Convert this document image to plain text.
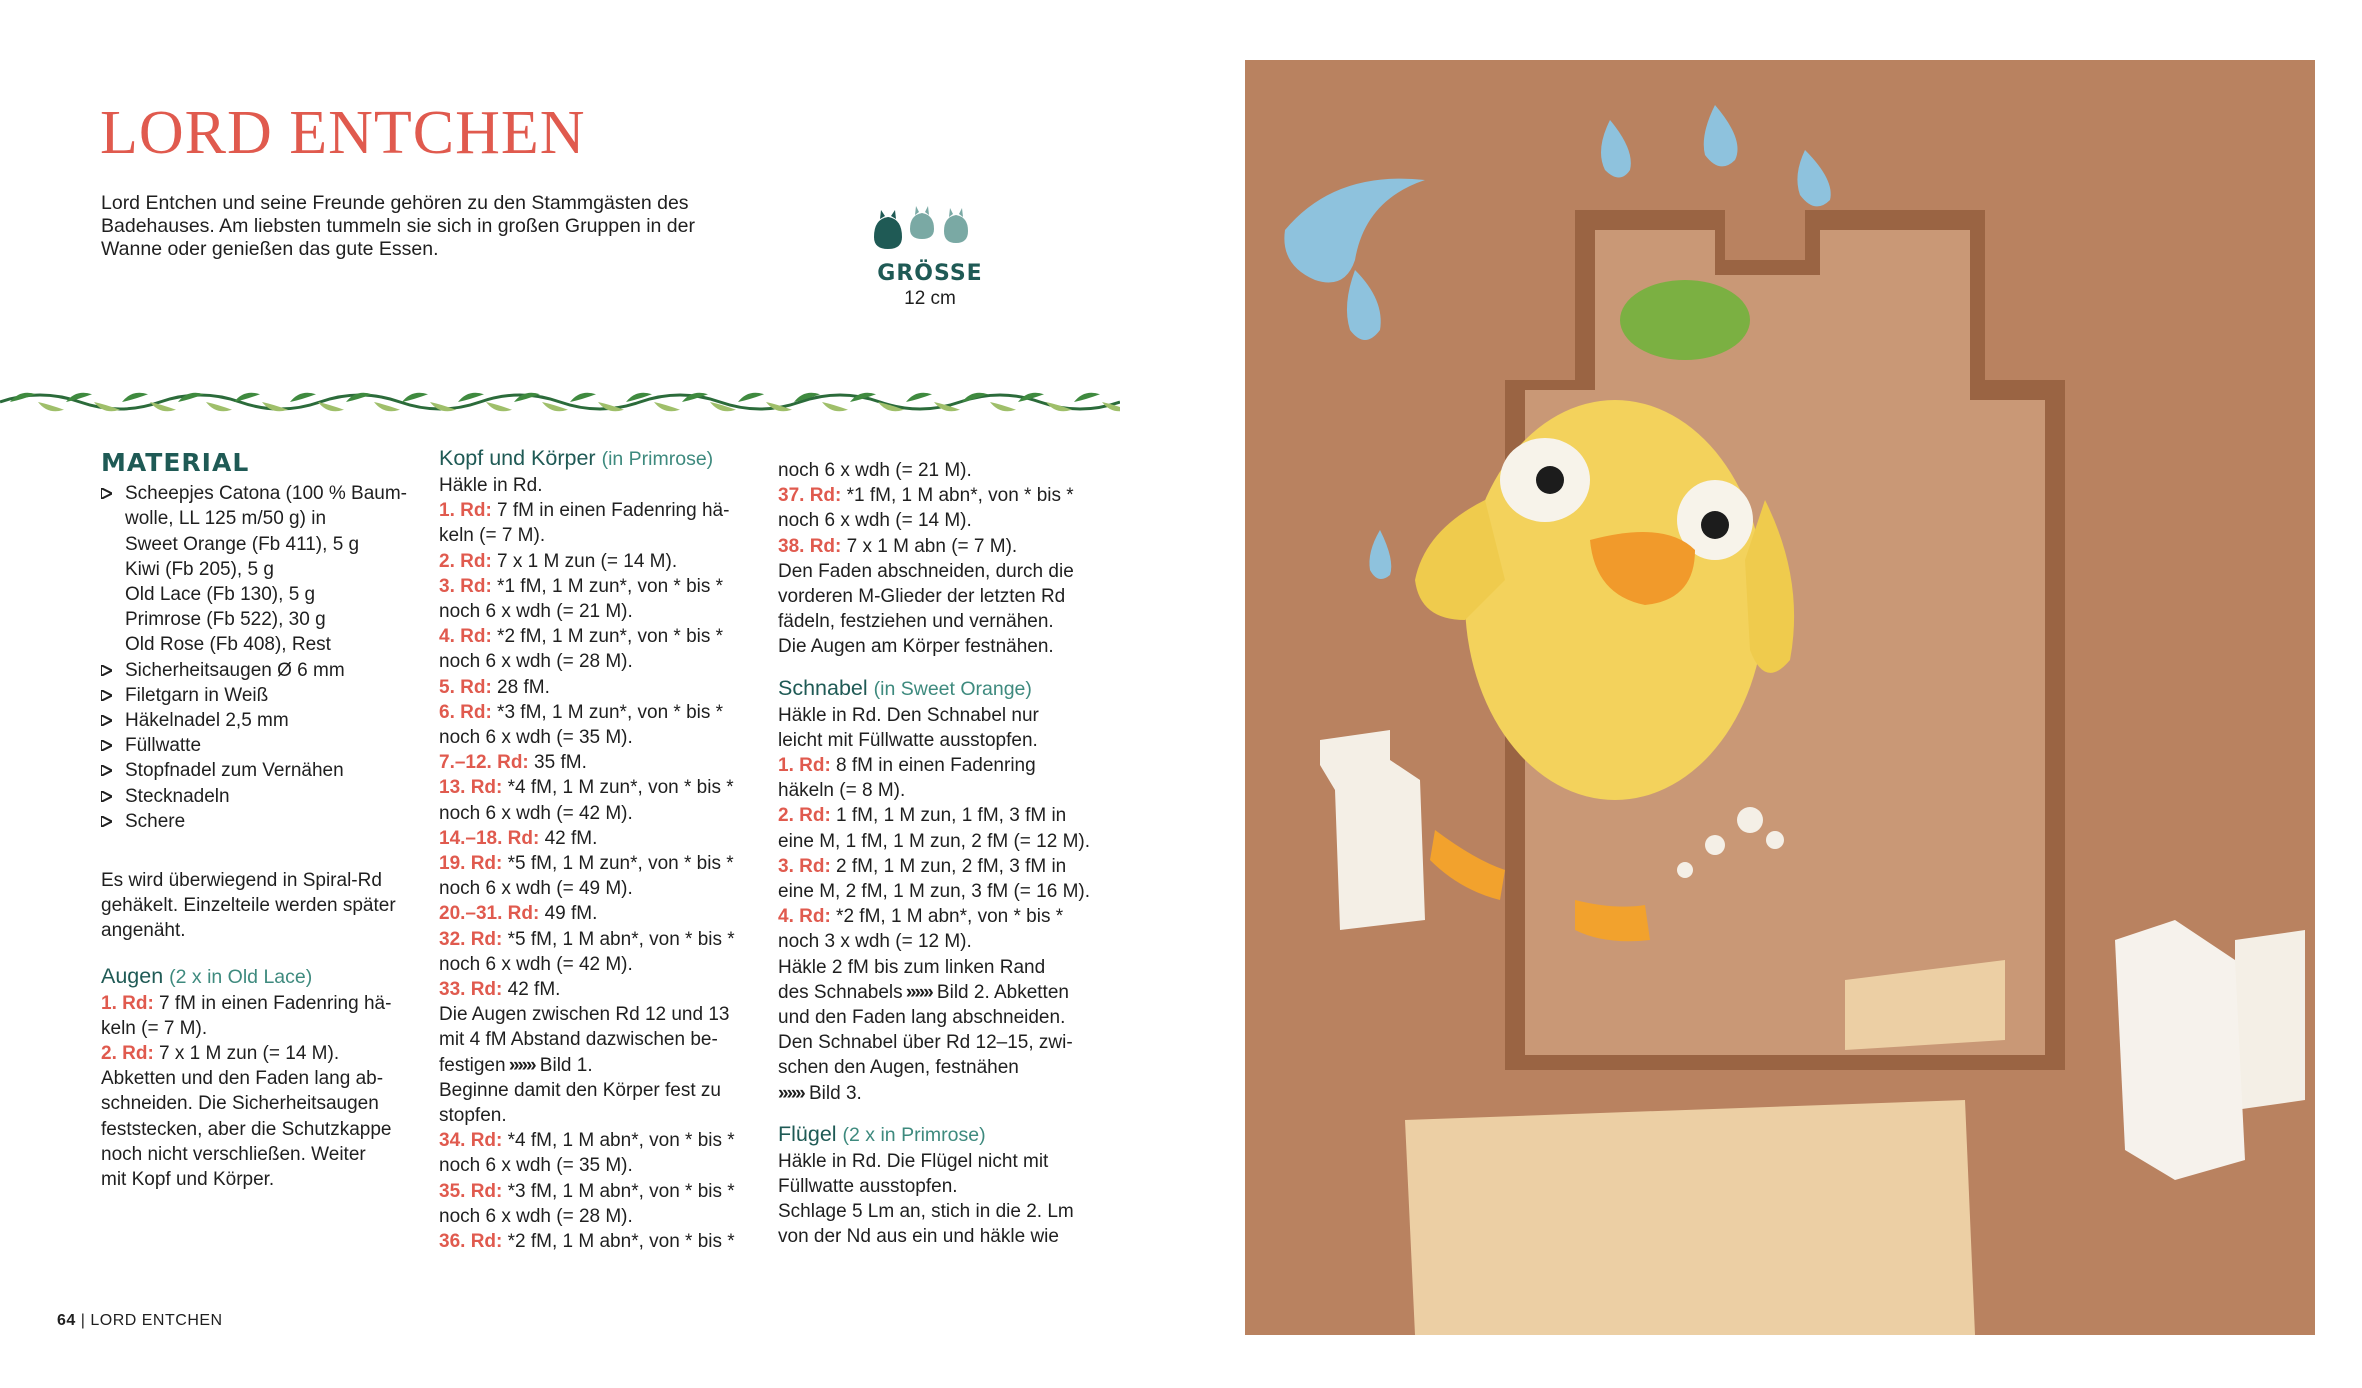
LORD ENTCHEN

Lord Entchen und seine Freunde gehören zu den Stammgästen des Badehauses. Am liebsten tummeln sie sich in großen Gruppen in der Wanne oder genießen das gute Essen.

GRÖSSE
12 cm
MATERIAL
Scheepjes Catona (100 % Baum-
wolle, LL 125 m/50 g) in
Sweet Orange (Fb 411), 5 g
Kiwi (Fb 205), 5 g
Old Lace (Fb 130), 5 g
Primrose (Fb 522), 30 g
Old Rose (Fb 408), Rest
Sicherheitsaugen Ø 6 mm
Filetgarn in Weiß
Häkelnadel 2,5 mm
Füllwatte
Stopfnadel zum Vernähen
Stecknadeln
Schere

Es wird überwiegend in Spiral-Rd gehäkelt. Einzelteile werden später angenäht.

Augen (2 x in Old Lace)

1. Rd: 7 fM in einen Fadenring hä-

keln (= 7 M).

2. Rd: 7 x 1 M zun (= 14 M).

Abketten und den Faden lang ab-

schneiden. Die Sicherheitsaugen

feststecken, aber die Schutzkappe

noch nicht verschließen. Weiter

mit Kopf und Körper.

Kopf und Körper (in Primrose)

Häkle in Rd.

1. Rd: 7 fM in einen Fadenring hä-

keln (= 7 M).

2. Rd: 7 x 1 M zun (= 14 M).

3. Rd: *1 fM, 1 M zun*, von * bis *

noch 6 x wdh (= 21 M).

4. Rd: *2 fM, 1 M zun*, von * bis *

noch 6 x wdh (= 28 M).

5. Rd: 28 fM.

6. Rd: *3 fM, 1 M zun*, von * bis *

noch 6 x wdh (= 35 M).

7.–12. Rd: 35 fM.

13. Rd: *4 fM, 1 M zun*, von * bis *

noch 6 x wdh (= 42 M).

14.–18. Rd: 42 fM.

19. Rd: *5 fM, 1 M zun*, von * bis *

noch 6 x wdh (= 49 M).

20.–31. Rd: 49 fM.

32. Rd: *5 fM, 1 M abn*, von * bis *

noch 6 x wdh (= 42 M).

33. Rd: 42 fM.

Die Augen zwischen Rd 12 und 13

mit 4 fM Abstand dazwischen be-

festigen »»» Bild 1.

Beginne damit den Körper fest zu

stopfen.

34. Rd: *4 fM, 1 M abn*, von * bis *

noch 6 x wdh (= 35 M).

35. Rd: *3 fM, 1 M abn*, von * bis *

noch 6 x wdh (= 28 M).

36. Rd: *2 fM, 1 M abn*, von * bis *

noch 6 x wdh (= 21 M).

37. Rd: *1 fM, 1 M abn*, von * bis *

noch 6 x wdh (= 14 M).

38. Rd: 7 x 1 M abn (= 7 M).

Den Faden abschneiden, durch die

vorderen M-Glieder der letzten Rd

fädeln, festziehen und vernähen.

Die Augen am Körper festnähen.

Schnabel (in Sweet Orange)

Häkle in Rd. Den Schnabel nur

leicht mit Füllwatte ausstopfen.

1. Rd: 8 fM in einen Fadenring

häkeln (= 8 M).

2. Rd: 1 fM, 1 M zun, 1 fM, 3 fM in

eine M, 1 fM, 1 M zun, 2 fM (= 12 M).

3. Rd: 2 fM, 1 M zun, 2 fM, 3 fM in

eine M, 2 fM, 1 M zun, 3 fM (= 16 M).

4. Rd: *2 fM, 1 M abn*, von * bis *

noch 3 x wdh (= 12 M).

Häkle 2 fM bis zum linken Rand

des Schnabels »»» Bild 2. Abketten

und den Faden lang abschneiden.

Den Schnabel über Rd 12–15, zwi-

schen den Augen, festnähen

»»» Bild 3.

Flügel (2 x in Primrose)

Häkle in Rd. Die Flügel nicht mit

Füllwatte ausstopfen.

Schlage 5 Lm an, stich in die 2. Lm

von der Nd aus ein und häkle wie

64 | LORD ENTCHEN
